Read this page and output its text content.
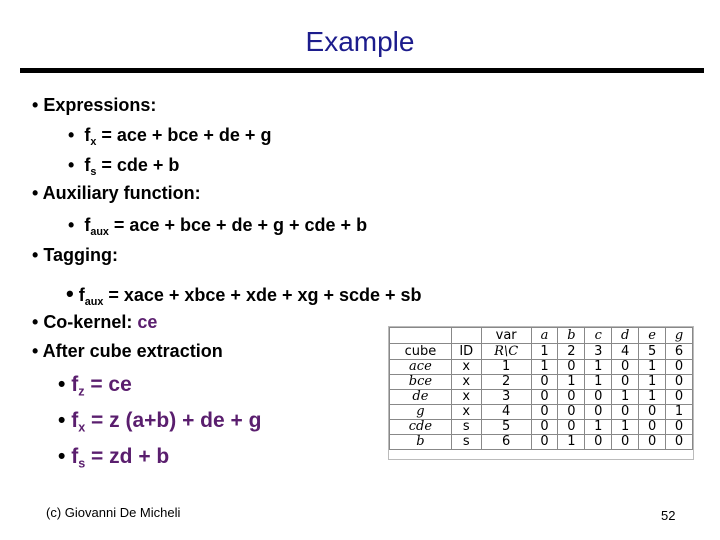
Example
• Expressions:
•  $f_x$ = ace + bce + de + g
•  $f_s$ = cde + b
• Auxiliary function:
•  $f_{aux}$ = ace + bce + de + g + cde + b
• Tagging:
• $f_{aux}$ = xace + xbce + xde + xg + scde + sb
• Co-kernel: ce
• After cube extraction
• $f_z$ = ce
• $f_x = z$ (a+b) + de + g
• $f_s$ = zd + b
		var	a	b	c	d	e	g
cube	ID	R\C	1	2	3	4	5	6
ace	x	1	1	0	1	0	1	0
bce	x	2	0	1	1	0	1	0
de	x	3	0	0	0	1	1	0
g	x	4	0	0	0	0	0	1
cde	s	5	0	0	1	1	0	0
b	s	6	0	1	0	0	0	0
(c) Giovanni De Micheli	52
